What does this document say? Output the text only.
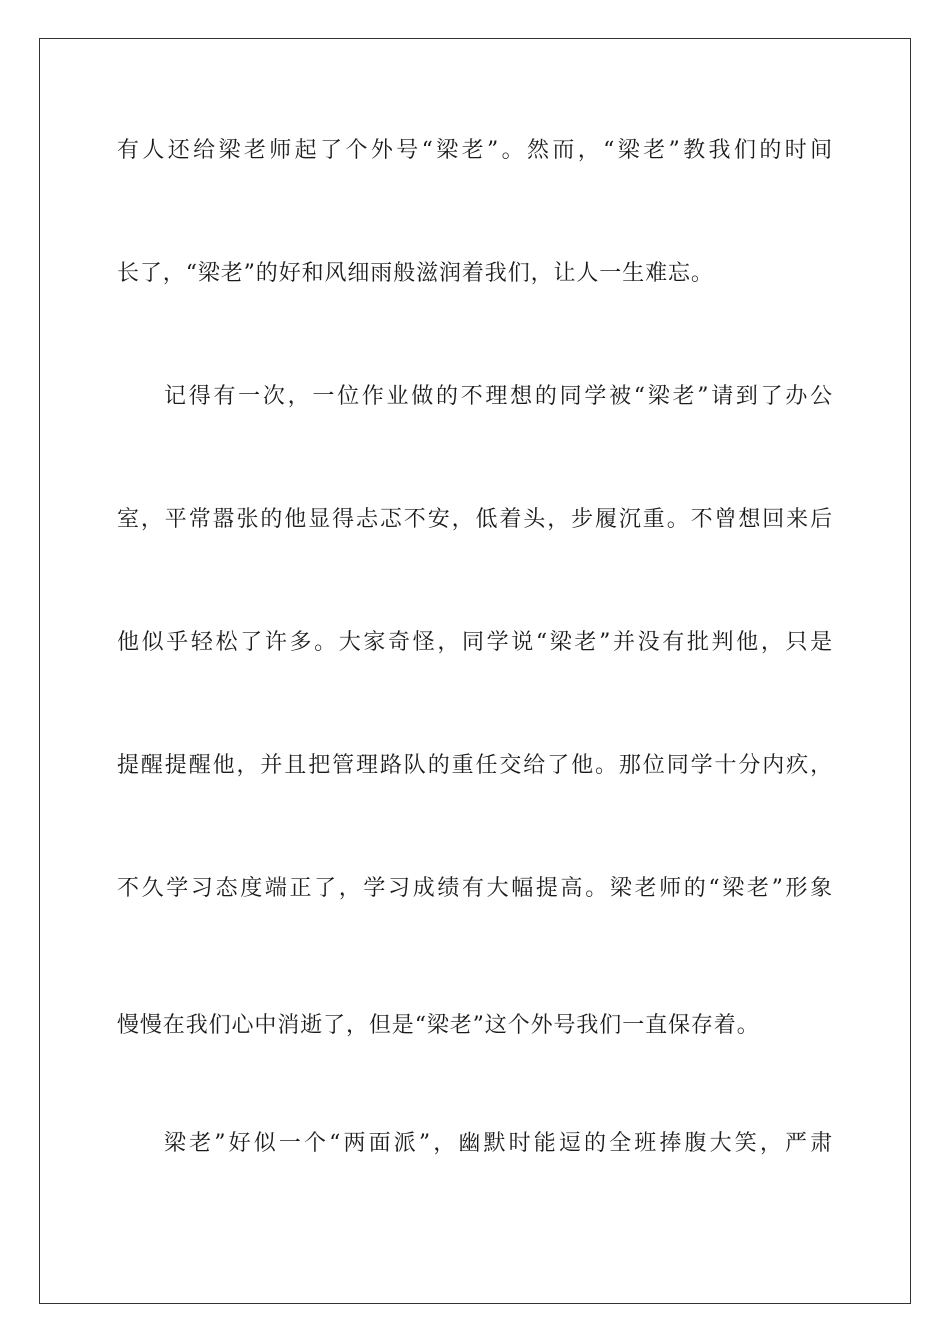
有人还给梁老师起了个外号“梁老”。然而，“梁老”教我们的时间
长了，“梁老”的好和风细雨般滋润着我们，让人一生难忘。
记得有一次，一位作业做的不理想的同学被“梁老”请到了办公
室，平常嚣张的他显得忐忑不安，低着头，步履沉重。不曾想回来后
他似乎轻松了许多。大家奇怪，同学说“梁老”并没有批判他，只是
提醒提醒他，并且把管理路队的重任交给了他。那位同学十分内疚，
不久学习态度端正了，学习成绩有大幅提高。梁老师的“梁老”形象
慢慢在我们心中消逝了，但是“梁老”这个外号我们一直保存着。
梁老”好似一个“两面派”，幽默时能逗的全班捧腹大笑，严肃
